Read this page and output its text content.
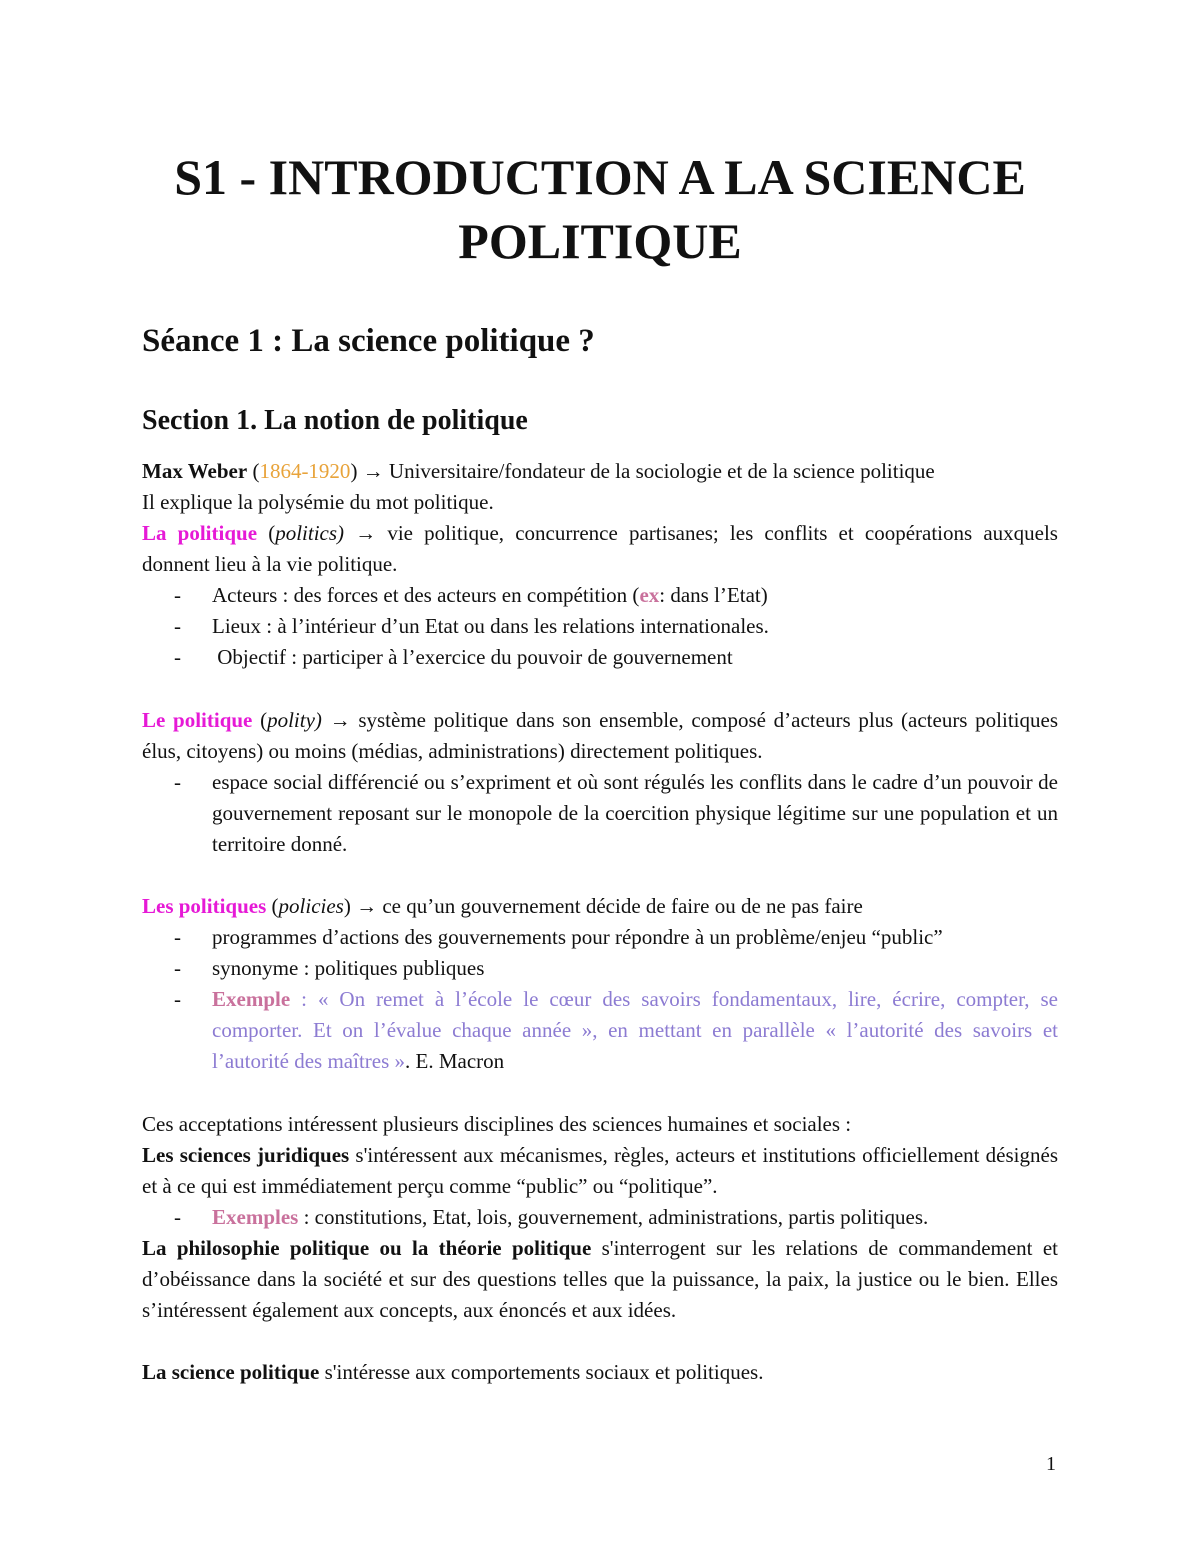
S1 - INTRODUCTION A LA SCIENCE
POLITIQUE
Séance 1 : La science politique ?
Section 1. La notion de politique
Max Weber (1864-1920) → Universitaire/fondateur de la sociologie et de la science politique
Il explique la polysémie du mot politique.
La politique (politics) → vie politique, concurrence partisanes; les conflits et coopérations auxquels donnent lieu à la vie politique.
- Acteurs : des forces et des acteurs en compétition (ex: dans l’Etat)
- Lieux : à l’intérieur d’un Etat ou dans les relations internationales.
-  Objectif : participer à l’exercice du pouvoir de gouvernement
Le politique (polity) → système politique dans son ensemble, composé d’acteurs plus (acteurs politiques élus, citoyens) ou moins (médias, administrations) directement politiques.
- espace social différencié ou s’expriment et où sont régulés les conflits dans le cadre d’un pouvoir de gouvernement reposant sur le monopole de la coercition physique légitime sur une population et un territoire donné.
Les politiques (policies) → ce qu’un gouvernement décide de faire ou de ne pas faire
- programmes d’actions des gouvernements pour répondre à un problème/enjeu “public”
- synonyme : politiques publiques
- Exemple : « On remet à l’école le cœur des savoirs fondamentaux, lire, écrire, compter, se comporter. Et on l’évalue chaque année », en mettant en parallèle « l’autorité des savoirs et l’autorité des maîtres ». E. Macron
Ces acceptations intéressent plusieurs disciplines des sciences humaines et sociales :
Les sciences juridiques s'intéressent aux mécanismes, règles, acteurs et institutions officiellement désignés et à ce qui est immédiatement perçu comme “public” ou “politique”.
- Exemples : constitutions, Etat, lois, gouvernement, administrations, partis politiques.
La philosophie politique ou la théorie politique s'interrogent sur les relations de commandement et d’obéissance dans la société et sur des questions telles que la puissance, la paix, la justice ou le bien. Elles s’intéressent également aux concepts, aux énoncés et aux idées.
La science politique s'intéresse aux comportements sociaux et politiques.
1
